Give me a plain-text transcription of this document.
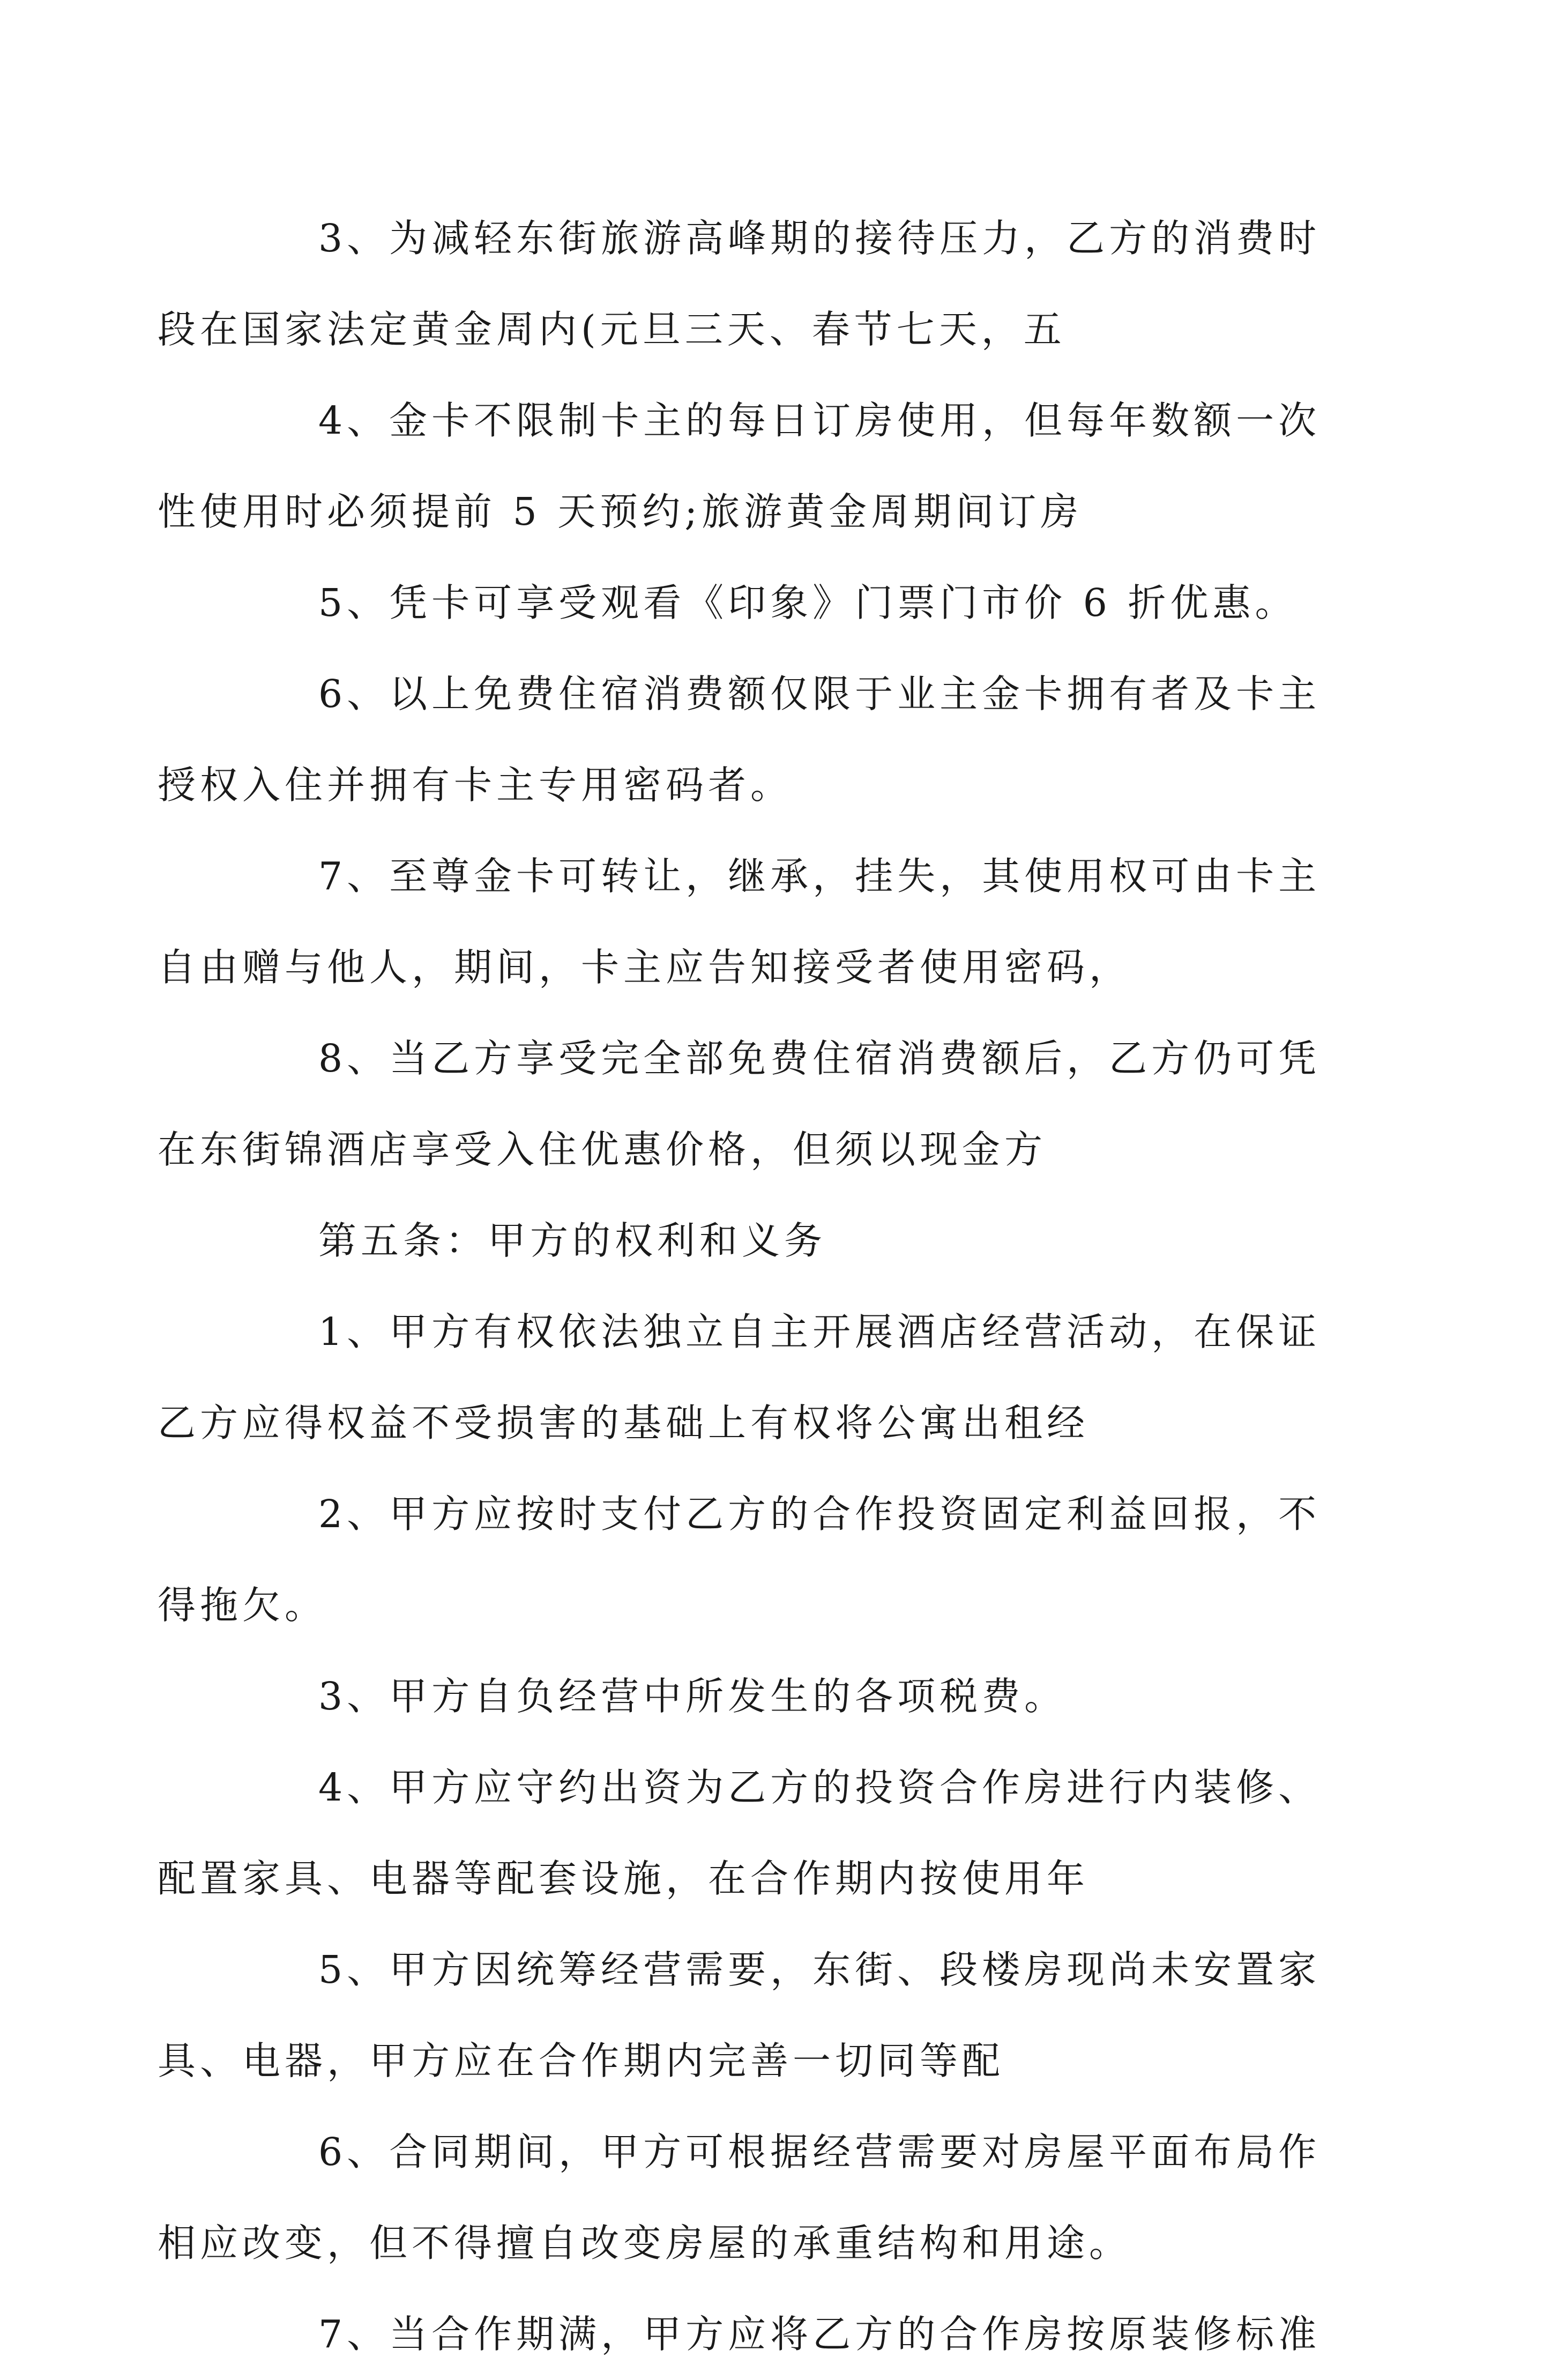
3、为减轻东街旅游高峰期的接待压力，乙方的消费时
段在国家法定黄金周内(元旦三天、春节七天，五

4、金卡不限制卡主的每日订房使用，但每年数额一次
性使用时必须提前 5 天预约;旅游黄金周期间订房

5、凭卡可享受观看《印象》门票门市价 6 折优惠。

6、以上免费住宿消费额仅限于业主金卡拥有者及卡主
授权入住并拥有卡主专用密码者。

7、至尊金卡可转让，继承，挂失，其使用权可由卡主
自由赠与他人，期间，卡主应告知接受者使用密码，

8、当乙方享受完全部免费住宿消费额后，乙方仍可凭
在东街锦酒店享受入住优惠价格，但须以现金方

第五条：甲方的权利和义务

1、甲方有权依法独立自主开展酒店经营活动，在保证
乙方应得权益不受损害的基础上有权将公寓出租经

2、甲方应按时支付乙方的合作投资固定利益回报，不
得拖欠。

3、甲方自负经营中所发生的各项税费。

4、甲方应守约出资为乙方的投资合作房进行内装修、
配置家具、电器等配套设施，在合作期内按使用年

5、甲方因统筹经营需要，东街、段楼房现尚未安置家
具、电器，甲方应在合作期内完善一切同等配

6、合同期间，甲方可根据经营需要对房屋平面布局作
相应改变，但不得擅自改变房屋的承重结构和用途。

7、当合作期满，甲方应将乙方的合作房按原装修标准
